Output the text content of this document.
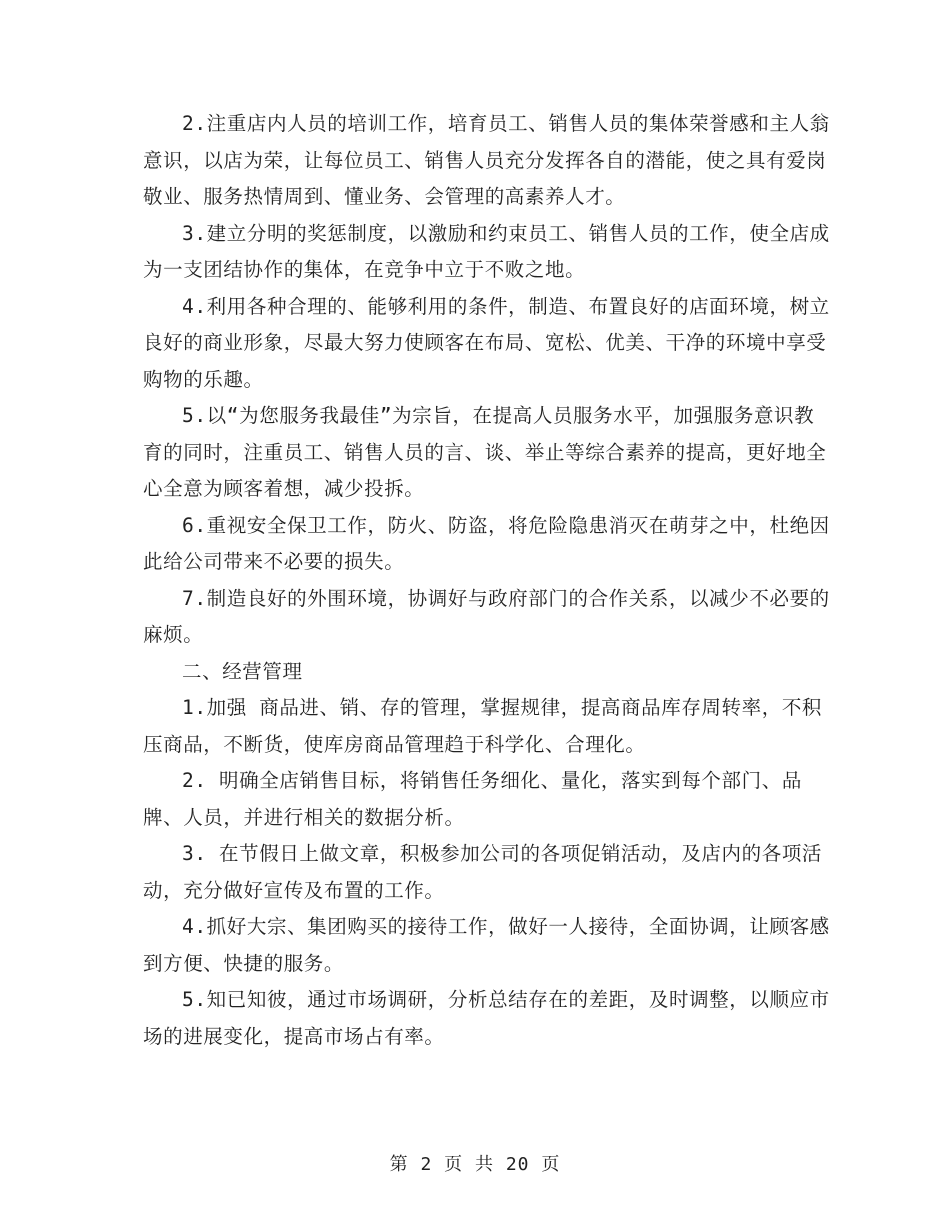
2.注重店内人员的培训工作，培育员工、销售人员的集体荣誉感和主人翁意识，以店为荣，让每位员工、销售人员充分发挥各自的潜能，使之具有爱岗敬业、服务热情周到、懂业务、会管理的高素养人才。

3.建立分明的奖惩制度，以激励和约束员工、销售人员的工作，使全店成为一支团结协作的集体，在竞争中立于不败之地。

4.利用各种合理的、能够利用的条件，制造、布置良好的店面环境，树立良好的商业形象，尽最大努力使顾客在布局、宽松、优美、干净的环境中享受购物的乐趣。

5.以“为您服务我最佳”为宗旨，在提高人员服务水平，加强服务意识教育的同时，注重员工、销售人员的言、谈、举止等综合素养的提高，更好地全心全意为顾客着想，减少投拆。

6.重视安全保卫工作，防火、防盗，将危险隐患消灭在萌芽之中，杜绝因此给公司带来不必要的损失。

7.制造良好的外围环境，协调好与政府部门的合作关系，以减少不必要的麻烦。

二、经营管理

1.加强 商品进、销、存的管理，掌握规律，提高商品库存周转率，不积压商品，不断货，使库房商品管理趋于科学化、合理化。

2. 明确全店销售目标，将销售任务细化、量化，落实到每个部门、品牌、人员，并进行相关的数据分析。

3. 在节假日上做文章，积极参加公司的各项促销活动，及店内的各项活动，充分做好宣传及布置的工作。

4.抓好大宗、集团购买的接待工作，做好一人接待，全面协调，让顾客感到方便、快捷的服务。

5.知已知彼，通过市场调研，分析总结存在的差距，及时调整，以顺应市场的进展变化，提高市场占有率。

第 2 页 共 20 页
